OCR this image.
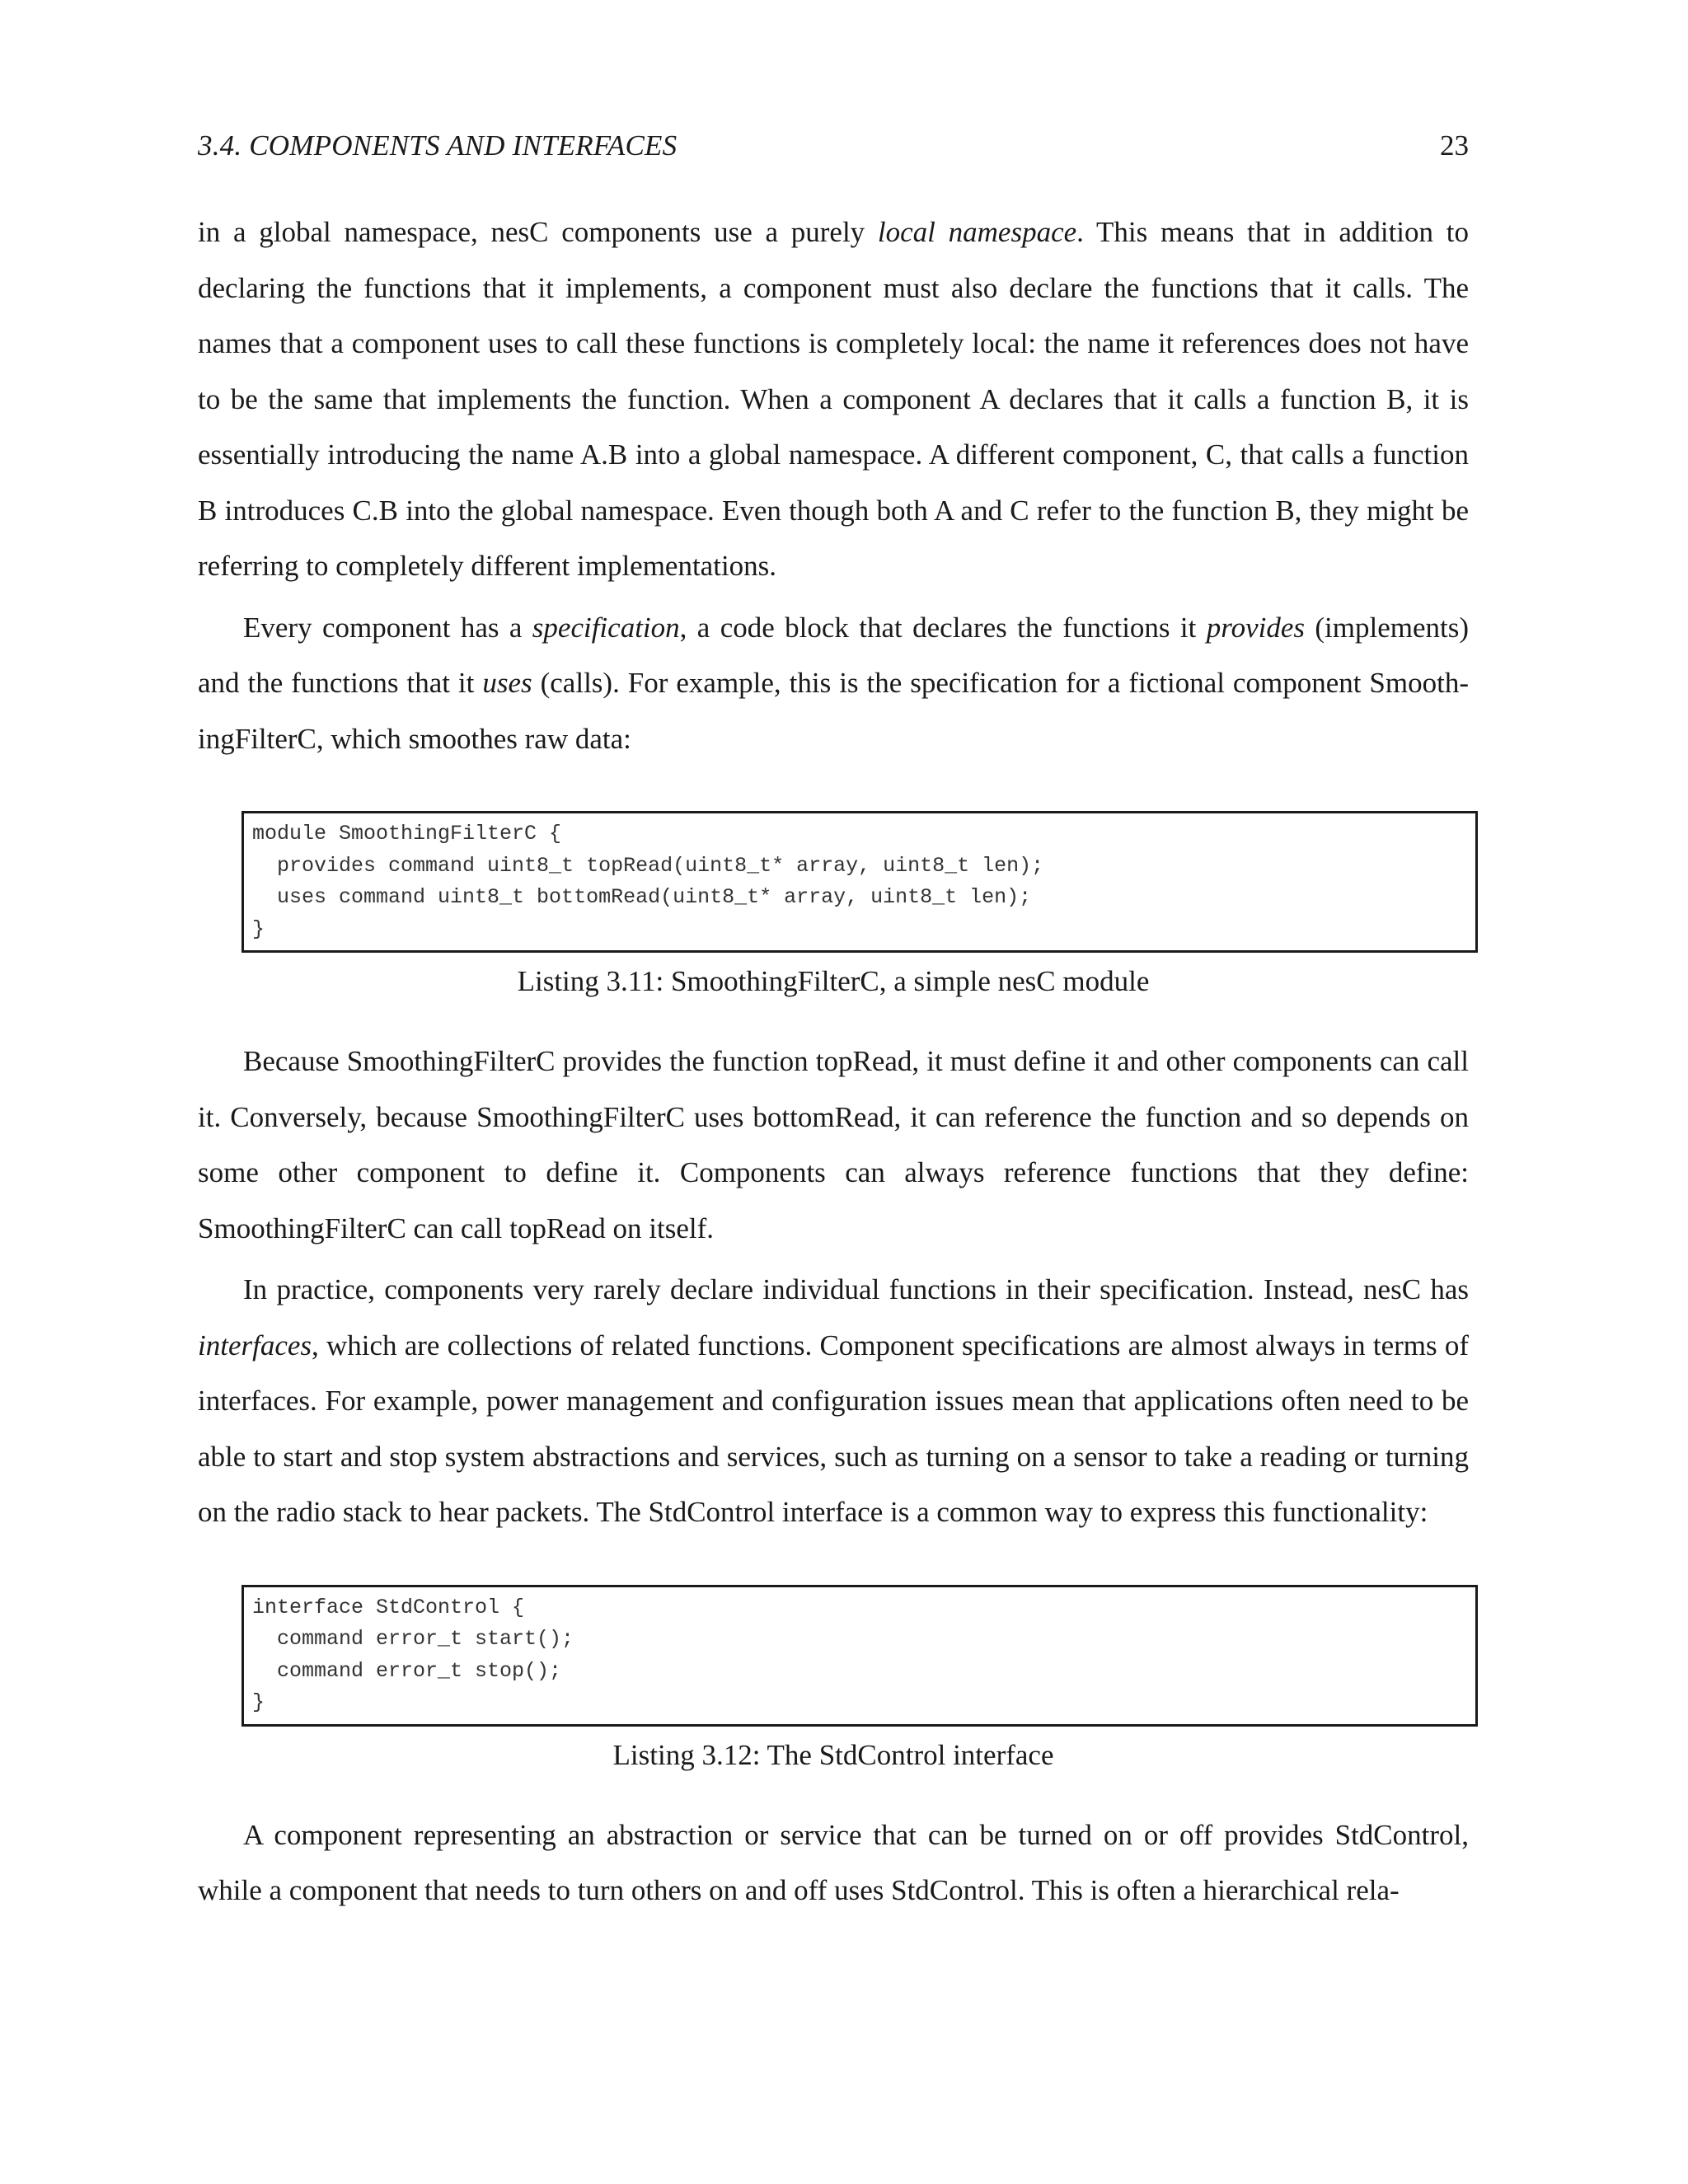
3.4. COMPONENTS AND INTERFACES	23

in a global namespace, nesC components use a purely local namespace. This means that in addition to declaring the functions that it implements, a component must also declare the functions that it calls. The names that a component uses to call these functions is completely local: the name it references does not have to be the same that implements the function. When a component A declares that it calls a function B, it is essentially introducing the name A.B into a global namespace. A different component, C, that calls a function B introduces C.B into the global namespace. Even though both A and C refer to the function B, they might be referring to completely different implementations.

Every component has a specification, a code block that declares the functions it provides (implements) and the functions that it uses (calls). For example, this is the specification for a fictional component SmoothingFilterC, which smoothes raw data:

module SmoothingFilterC {
provides command uint8_t topRead(uint8_t* array, uint8_t len);
uses command uint8_t bottomRead(uint8_t* array, uint8_t len);
}

Listing 3.11: SmoothingFilterC, a simple nesC module

Because SmoothingFilterC provides the function topRead, it must define it and other components can call it. Conversely, because SmoothingFilterC uses bottomRead, it can reference the function and so depends on some other component to define it. Components can always reference functions that they define: SmoothingFilterC can call topRead on itself.

In practice, components very rarely declare individual functions in their specification. Instead, nesC has interfaces, which are collections of related functions. Component specifications are almost always in terms of interfaces. For example, power management and configuration issues mean that applications often need to be able to start and stop system abstractions and services, such as turning on a sensor to take a reading or turning on the radio stack to hear packets. The StdControl interface is a common way to express this functionality:

interface StdControl {
command error_t start();
command error_t stop();
}

Listing 3.12: The StdControl interface

A component representing an abstraction or service that can be turned on or off provides StdControl, while a component that needs to turn others on and off uses StdControl. This is often a hierarchical rela-
